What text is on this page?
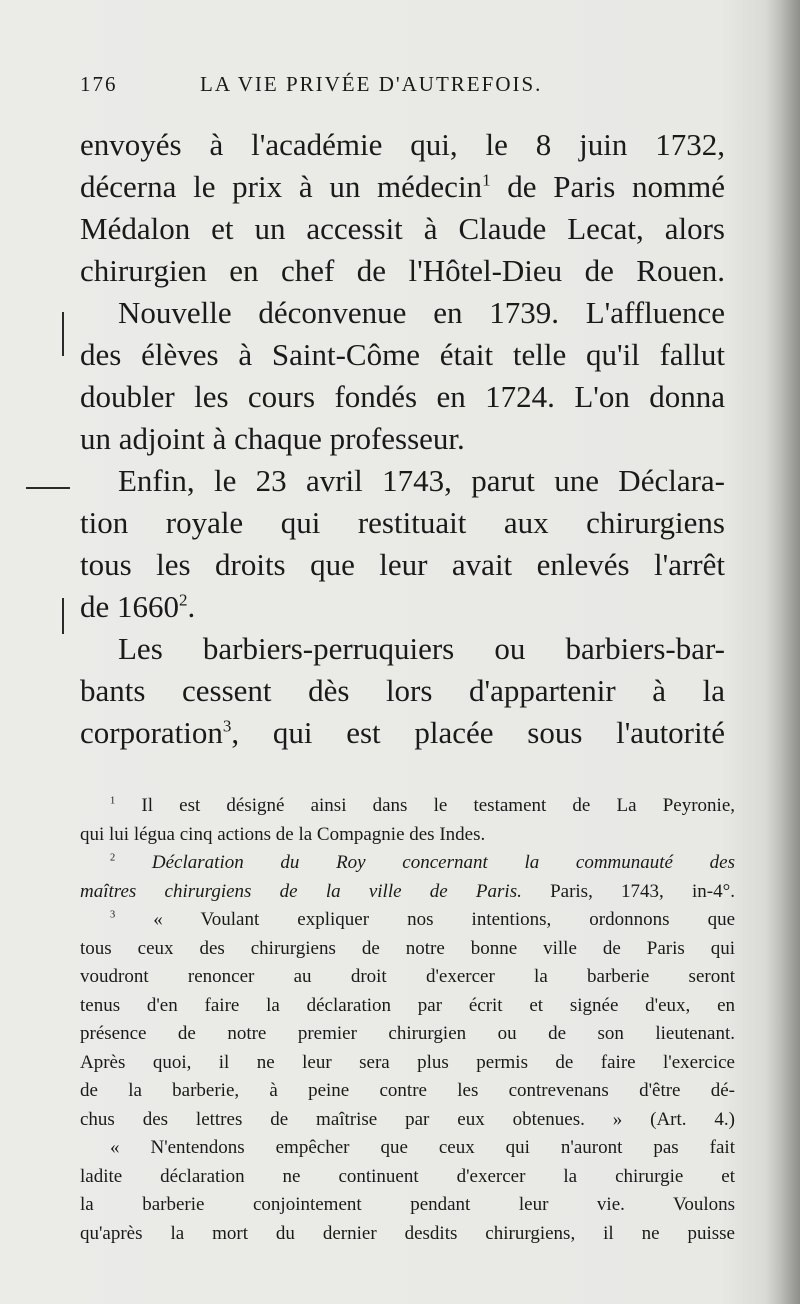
176	LA VIE PRIVÉE D'AUTREFOIS.
envoyés à l'académie qui, le 8 juin 1732,
décerna le prix à un médecin$^1$ de Paris nommé
Médalon et un accessit à Claude Lecat, alors
chirurgien en chef de l'Hôtel-Dieu de Rouen.
Nouvelle déconvenue en 1739. L'affluence
des élèves à Saint-Côme était telle qu'il fallut
doubler les cours fondés en 1724. L'on donna
un adjoint à chaque professeur.
Enfin, le 23 avril 1743, parut une Déclara-
tion royale qui restituait aux chirurgiens
tous les droits que leur avait enlevés l'arrêt
de 1660$^2$.
Les barbiers-perruquiers ou barbiers-bar-
bants cessent dès lors d'appartenir à la
corporation$^3$, qui est placée sous l'autorité
$^1$ Il est désigné ainsi dans le testament de La Peyronie,
qui lui légua cinq actions de la Compagnie des Indes.
$^2$ Déclaration du Roy concernant la communauté des
maîtres chirurgiens de la ville de Paris. Paris, 1743, in-4°.
$^3$ « Voulant expliquer nos intentions, ordonnons que
tous ceux des chirurgiens de notre bonne ville de Paris qui
voudront renoncer au droit d'exercer la barberie seront
tenus d'en faire la déclaration par écrit et signée d'eux, en
présence de notre premier chirurgien ou de son lieutenant.
Après quoi, il ne leur sera plus permis de faire l'exercice
de la barberie, à peine contre les contrevenans d'être dé-
chus des lettres de maîtrise par eux obtenues. » (Art. 4.)
« N'entendons empêcher que ceux qui n'auront pas fait
ladite déclaration ne continuent d'exercer la chirurgie et
la barberie conjointement pendant leur vie. Voulons
qu'après la mort du dernier desdits chirurgiens, il ne puisse
